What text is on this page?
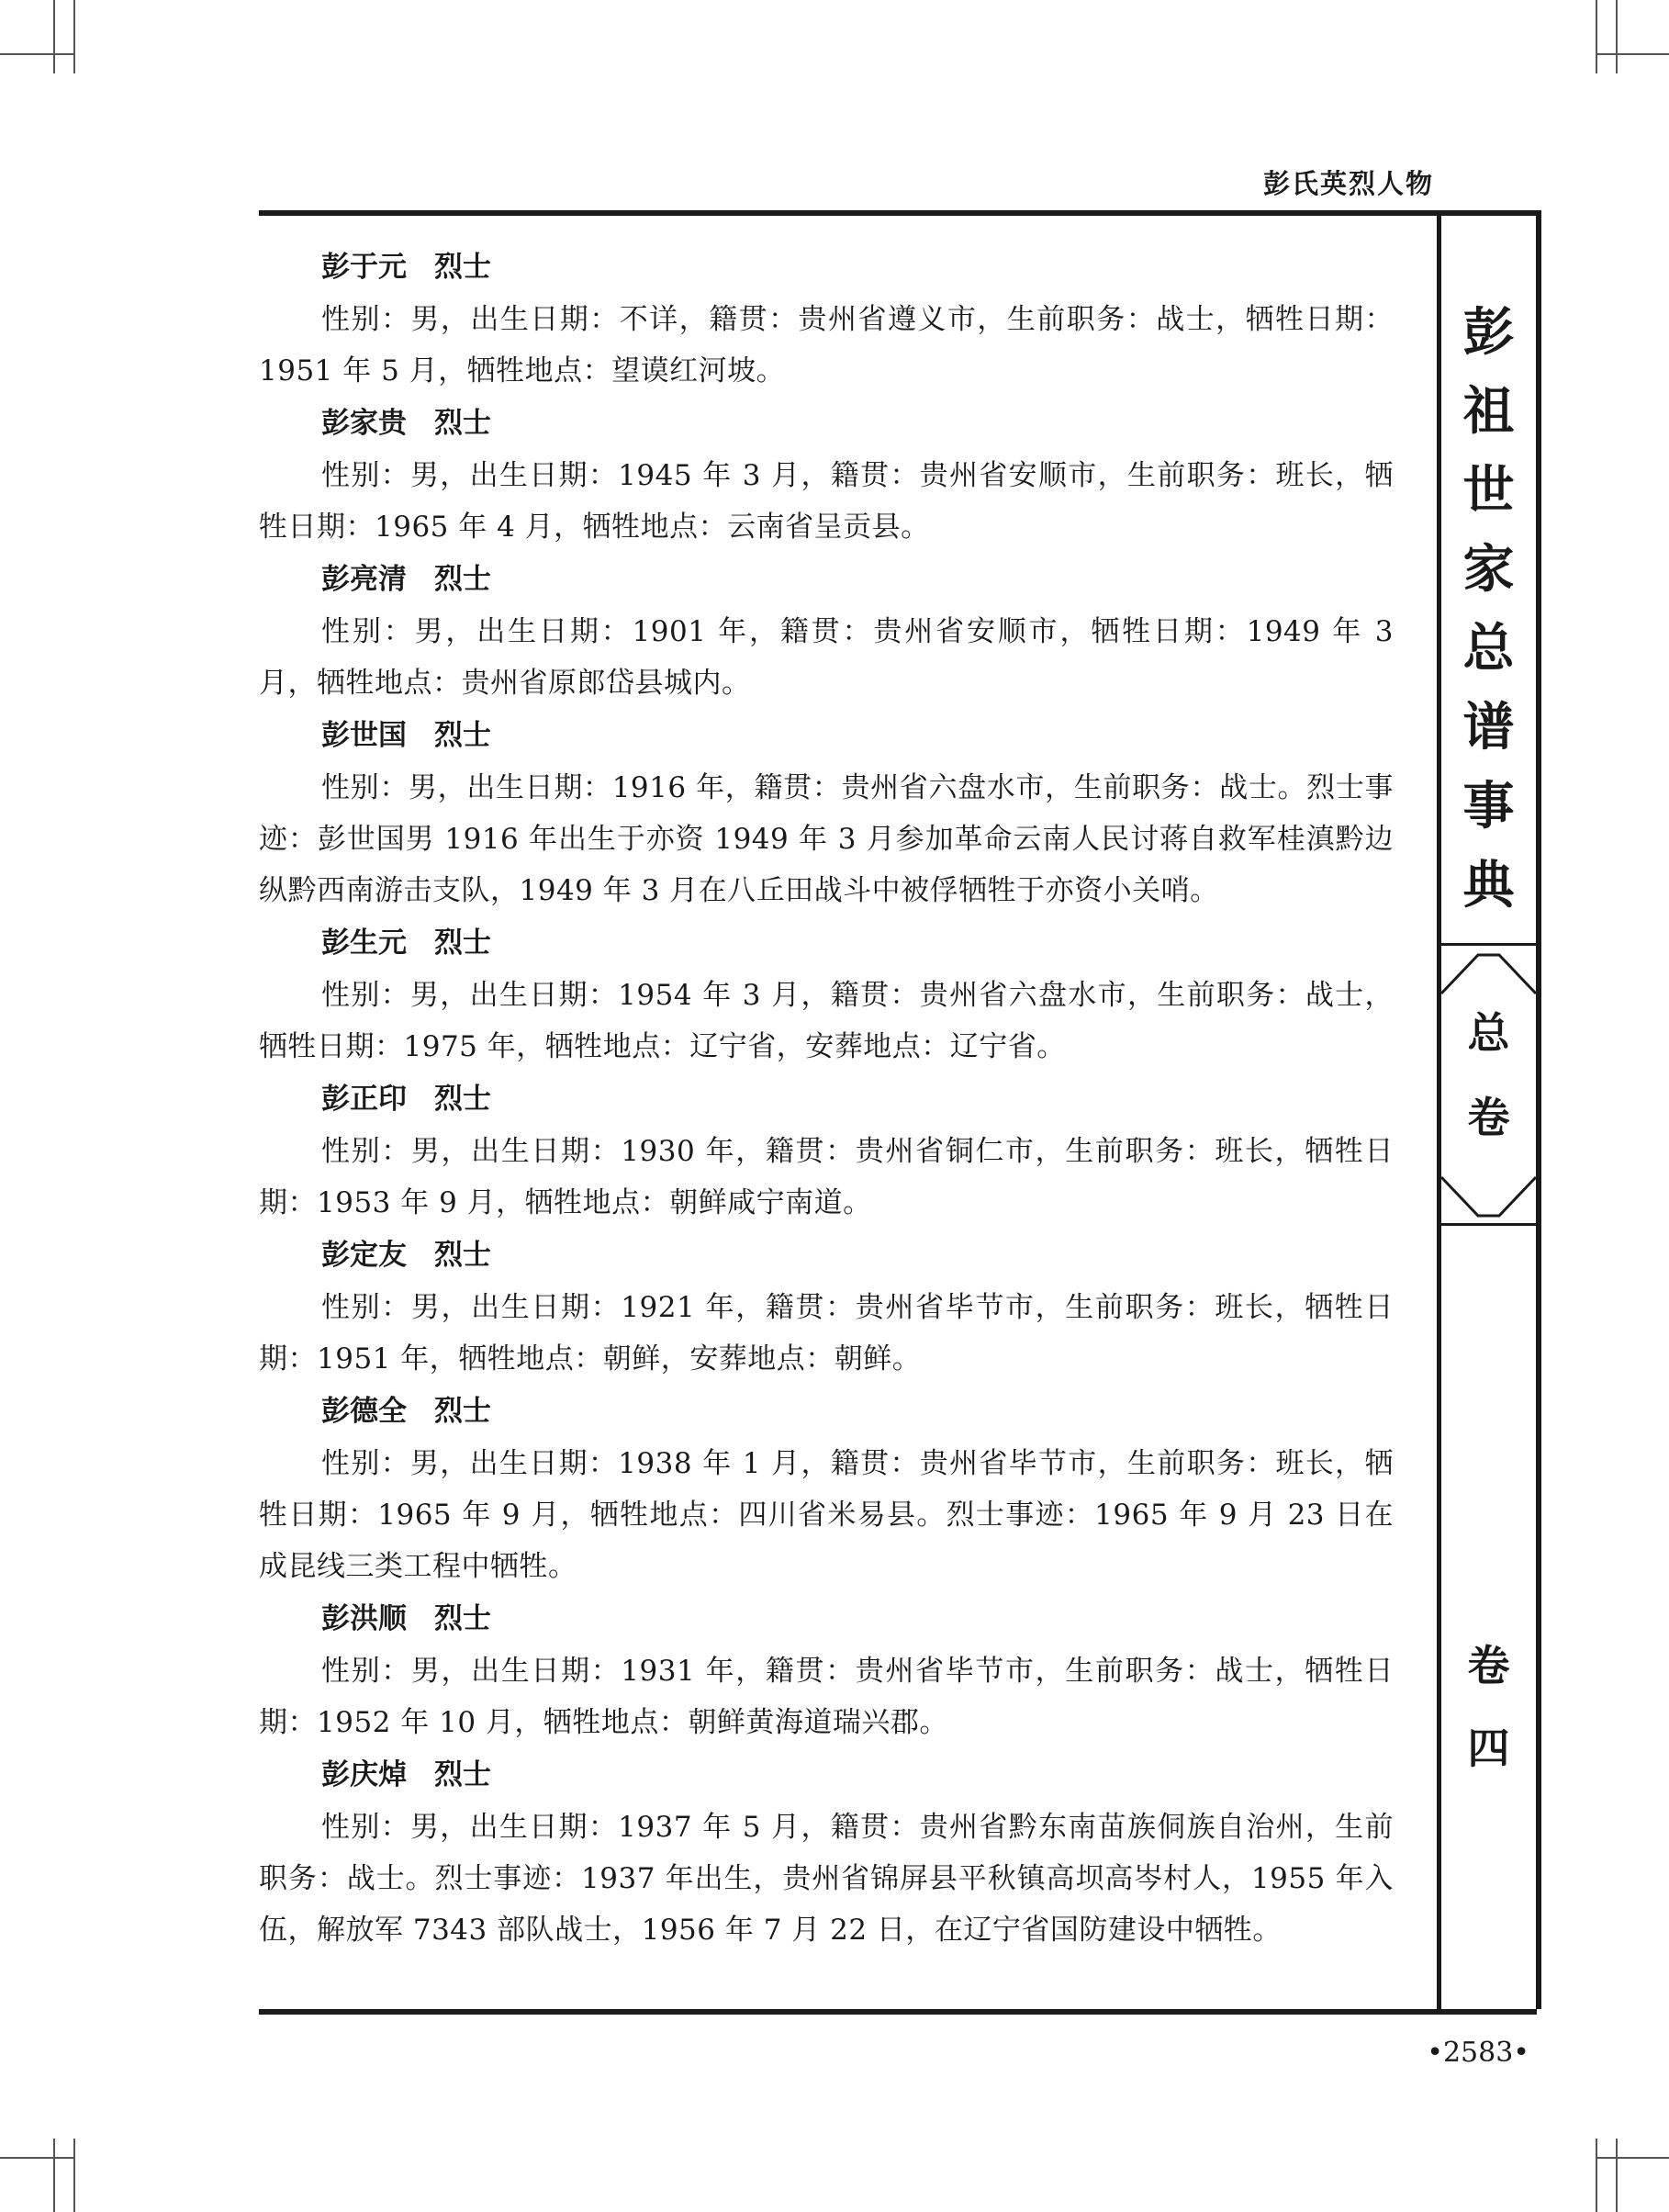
彭氏英烈人物
彭
祖
世
家
总
谱
事
典
总
卷
卷
四
彭于元 烈士

性别：男，出生日期：不详，籍贯：贵州省遵义市，生前职务：战士，牺牲日期：1951 年 5 月，牺牲地点：望谟红河坡。

彭家贵 烈士

性别：男，出生日期：1945 年 3 月，籍贯：贵州省安顺市，生前职务：班长，牺牲日期：1965 年 4 月，牺牲地点：云南省呈贡县。

彭亮清 烈士

性别：男，出生日期：1901 年，籍贯：贵州省安顺市，牺牲日期：1949 年 3 月，牺牲地点：贵州省原郎岱县城内。

彭世国 烈士

性别：男，出生日期：1916 年，籍贯：贵州省六盘水市，生前职务：战士。烈士事迹：彭世国男 1916 年出生于亦资 1949 年 3 月参加革命云南人民讨蒋自救军桂滇黔边纵黔西南游击支队，1949 年 3 月在八丘田战斗中被俘牺牲于亦资小关哨。

彭生元 烈士

性别：男，出生日期：1954 年 3 月，籍贯：贵州省六盘水市，生前职务：战士，牺牲日期：1975 年，牺牲地点：辽宁省，安葬地点：辽宁省。

彭正印 烈士

性别：男，出生日期：1930 年，籍贯：贵州省铜仁市，生前职务：班长，牺牲日期：1953 年 9 月，牺牲地点：朝鲜咸宁南道。

彭定友 烈士

性别：男，出生日期：1921 年，籍贯：贵州省毕节市，生前职务：班长，牺牲日期：1951 年，牺牲地点：朝鲜，安葬地点：朝鲜。

彭德全 烈士

性别：男，出生日期：1938 年 1 月，籍贯：贵州省毕节市，生前职务：班长，牺牲日期：1965 年 9 月，牺牲地点：四川省米易县。烈士事迹：1965 年 9 月 23 日在成昆线三类工程中牺牲。

彭洪顺 烈士

性别：男，出生日期：1931 年，籍贯：贵州省毕节市，生前职务：战士，牺牲日期：1952 年 10 月，牺牲地点：朝鲜黄海道瑞兴郡。

彭庆焯 烈士

性别：男，出生日期：1937 年 5 月，籍贯：贵州省黔东南苗族侗族自治州，生前职务：战士。烈士事迹：1937 年出生，贵州省锦屏县平秋镇高坝高岑村人，1955 年入伍，解放军 7343 部队战士，1956 年 7 月 22 日，在辽宁省国防建设中牺牲。

•2583•
